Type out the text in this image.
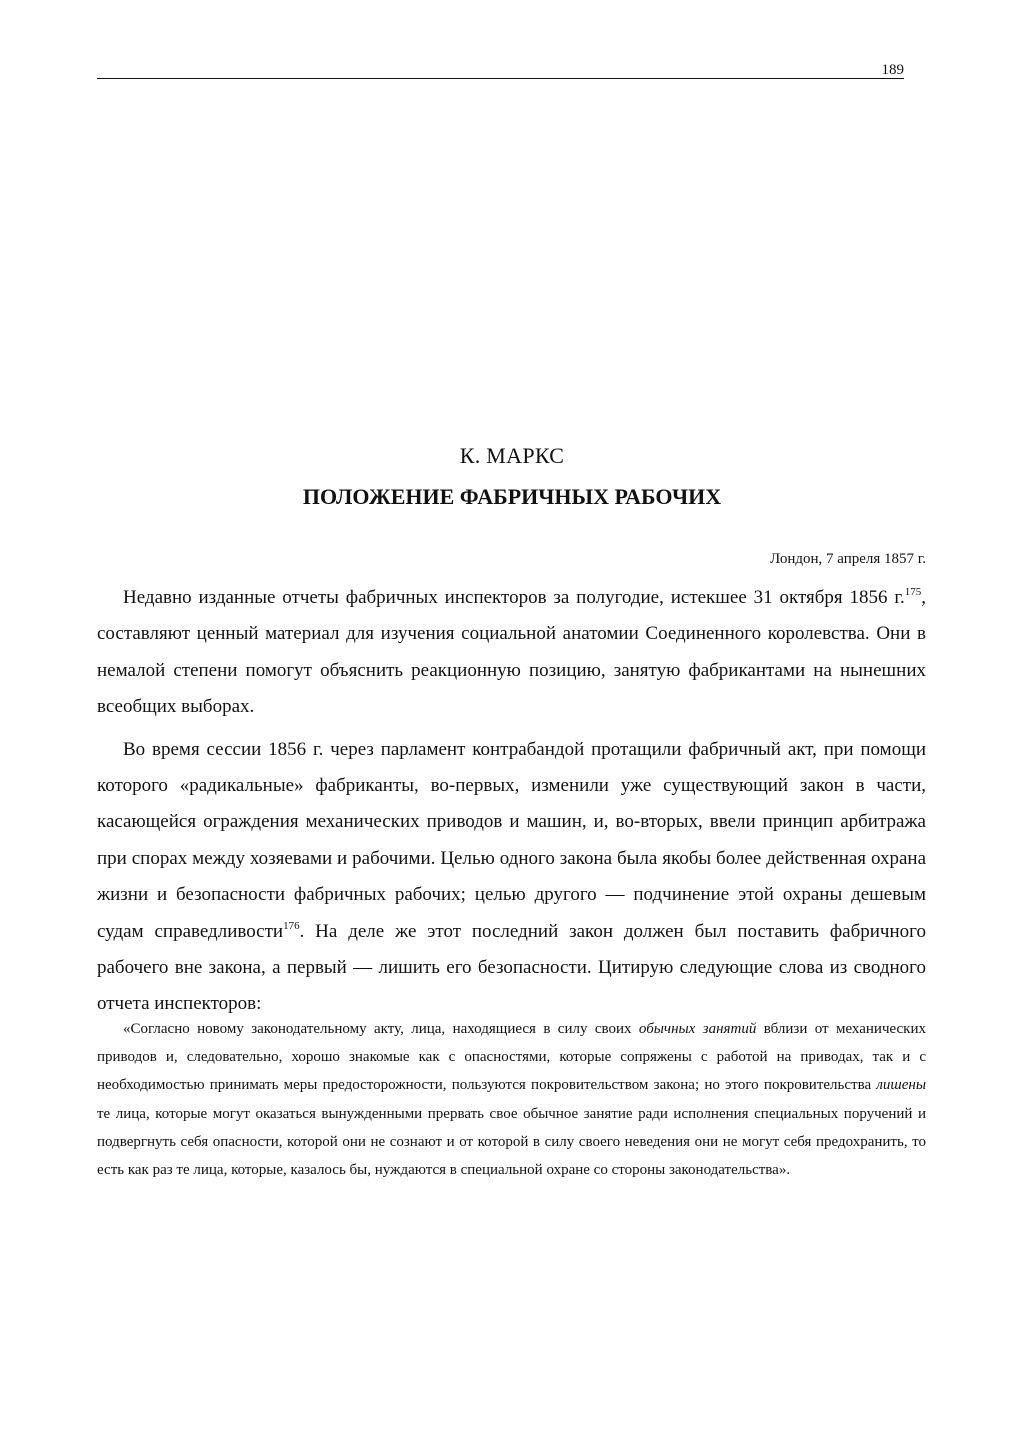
189
К. МАРКС
ПОЛОЖЕНИЕ ФАБРИЧНЫХ РАБОЧИХ
Лондон, 7 апреля 1857 г.

Недавно изданные отчеты фабричных инспекторов за полугодие, истекшее 31 октября 1856 г.$^{175}$, составляют ценный материал для изучения социальной анатомии Соединенного королевства. Они в немалой степени помогут объяснить реакционную позицию, занятую фабрикантами на нынешних всеобщих выборах.

Во время сессии 1856 г. через парламент контрабандой протащили фабричный акт, при помощи которого «радикальные» фабриканты, во-первых, изменили уже существующий закон в части, касающейся ограждения механических приводов и машин, и, во-вторых, ввели принцип арбитража при спорах между хозяевами и рабочими. Целью одного закона была якобы более действенная охрана жизни и безопасности фабричных рабочих; целью другого — подчинение этой охраны дешевым судам справедливости$^{176}$. На деле же этот последний закон должен был поставить фабричного рабочего вне закона, а первый — лишить его безопасности. Цитирую следующие слова из сводного отчета инспекторов:

«Согласно новому законодательному акту, лица, находящиеся в силу своих обычных занятий вблизи от механических приводов и, следовательно, хорошо знакомые как с опасностями, которые сопряжены с работой на приводах, так и с необходимостью принимать меры предосторожности, пользуются покровительством закона; но этого покровительства лишены те лица, которые могут оказаться вынужденными прервать свое обычное занятие ради исполнения специальных поручений и подвергнуть себя опасности, которой они не сознают и от которой в силу своего неведения они не могут себя предохранить, то есть как раз те лица, которые, казалось бы, нуждаются в специальной охране со стороны законодательства».
